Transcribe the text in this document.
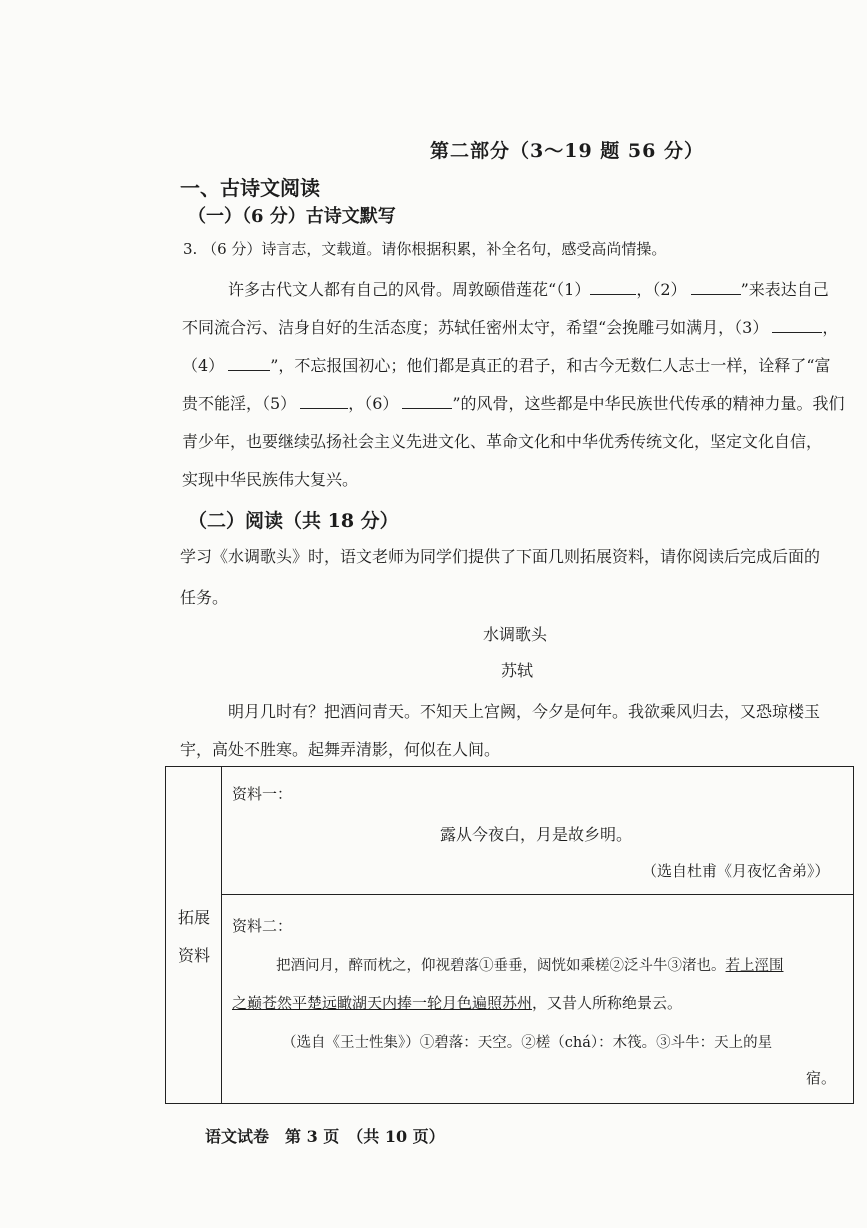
第二部分（3～19 题 56 分）
一、古诗文阅读
（一）（6 分）古诗文默写
3. （6 分）诗言志，文载道。请你根据积累，补全名句，感受高尚情操。
许多古代文人都有自己的风骨。周敦颐借莲花“（1）	，（2）	”来表达自己
不同流合污、洁身自好的生活态度；苏轼任密州太守，希望“会挽雕弓如满月，（3）	，
（4）	”，不忘报国初心；他们都是真正的君子，和古今无数仁人志士一样，诠释了“富
贵不能淫，（5）	，（6）	”的风骨，这些都是中华民族世代传承的精神力量。我们
青少年，也要继续弘扬社会主义先进文化、革命文化和中华优秀传统文化，坚定文化自信，
实现中华民族伟大复兴。
（二）阅读（共 18 分）
学习《水调歌头》时，语文老师为同学们提供了下面几则拓展资料，请你阅读后完成后面的
任务。
水调歌头
苏轼
明月几时有？把酒问青天。不知天上宫阙，今夕是何年。我欲乘风归去，又恐琼楼玉
宇，高处不胜寒。起舞弄清影，何似在人间。
拓展
资料
资料一：
露从今夜白，月是故乡明。
（选自杜甫《月夜忆舍弟》）
资料二：
把酒问月，醉而枕之，仰视碧落①垂垂，闼恍如乘槎②泛斗牛③渚也。若上涇围
之巅苍然平楚远瞰湖天内捧一轮月色遍照苏州，又昔人所称绝景云。
（选自《王士性集》）①碧落：天空。②槎（chá）：木筏。③斗牛：天上的星
宿。
语文试卷　第 3 页　（共 10 页）
